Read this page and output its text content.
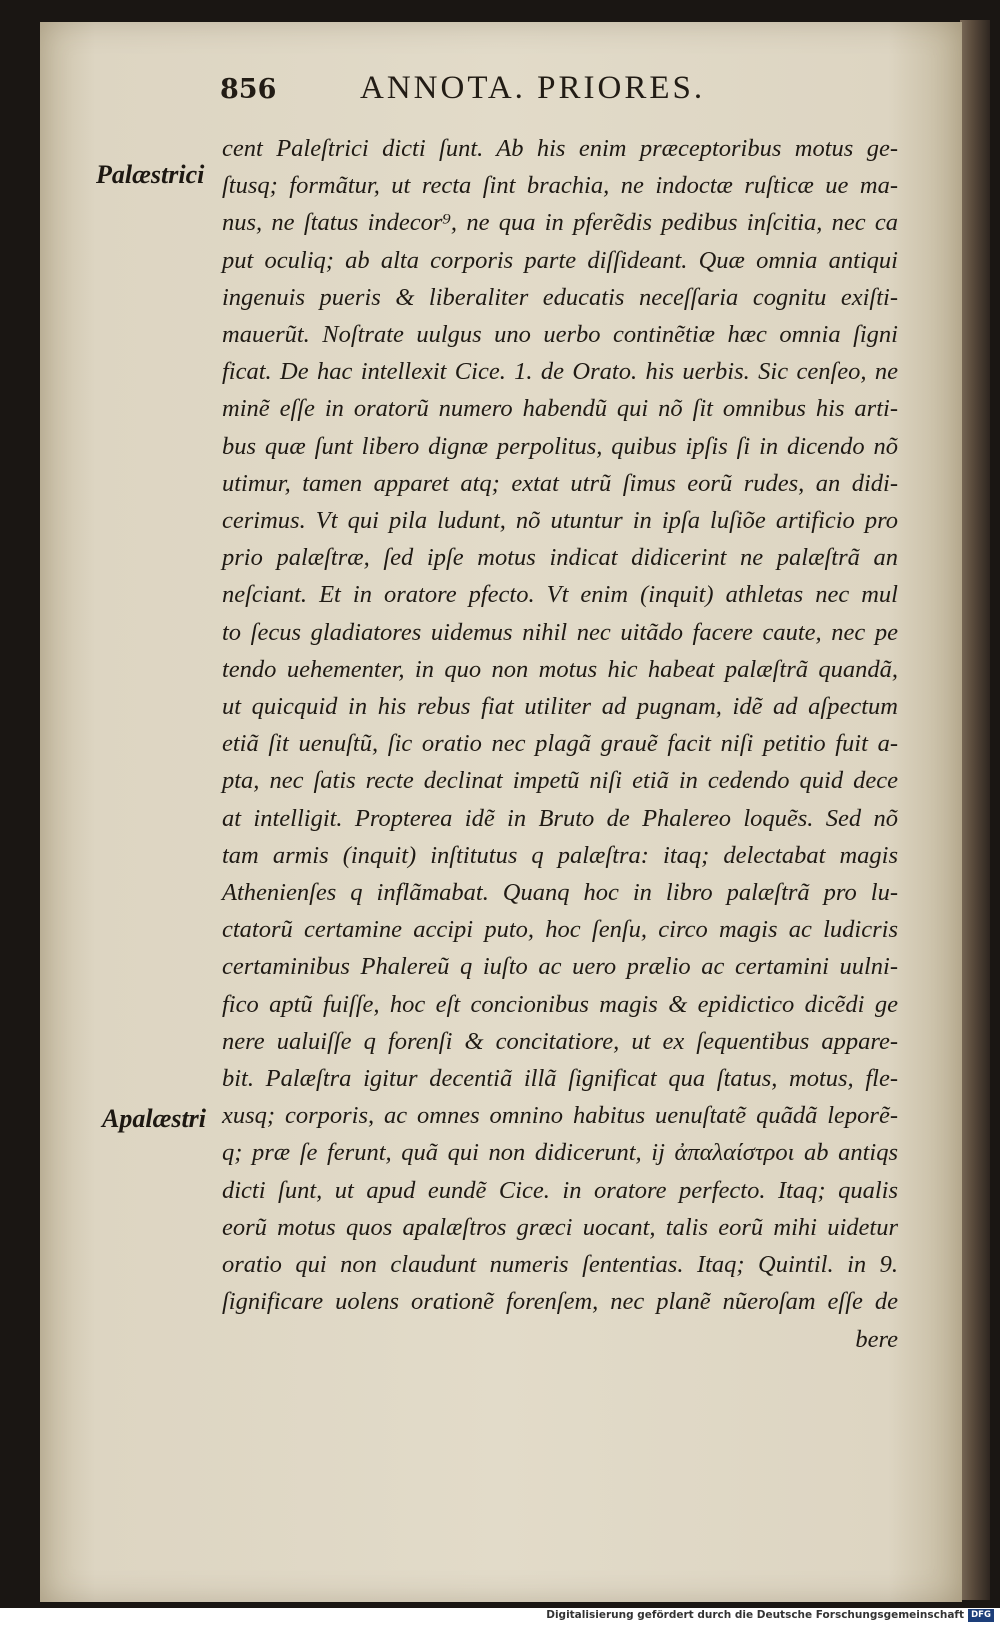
856	ANNOTA. PRIORES.
Palæstrici
Apalæstri
cent Paleſtrici dicti ſunt. Ab his enim præceptoribus motus ge-
ſtusq; formãtur, ut recta ſint brachia, ne indoctæ ruſticæ ue ma-
nus, ne ſtatus indecor⁹, ne qua in pferẽdis pedibus inſcitia, nec ca
put oculiq; ab alta corporis parte diſſideant. Quæ omnia antiqui
ingenuis pueris & liberaliter educatis neceſſaria cognitu exiſti-
mauerũt. Noſtrate uulgus uno uerbo continẽtiæ hæc omnia ſigni
ficat. De hac intellexit Cice. 1. de Orato. his uerbis. Sic cenſeo, ne
minẽ eſſe in oratorũ numero habendũ qui nõ ſit omnibus his arti-
bus quæ ſunt libero dignæ perpolitus, quibus ipſis ſi in dicendo nõ
utimur, tamen apparet atq; extat utrũ ſimus eorũ rudes, an didi-
cerimus. Vt qui pila ludunt, nõ utuntur in ipſa luſiõe artificio pro
prio palæſtræ, ſed ipſe motus indicat didicerint ne palæſtrã an
neſciant. Et in oratore pfecto. Vt enim (inquit) athletas nec mul
to ſecus gladiatores uidemus nihil nec uitãdo facere caute, nec pe
tendo uehementer, in quo non motus hic habeat palæſtrã quandã,
ut quicquid in his rebus fiat utiliter ad pugnam, idẽ ad aſpectum
etiã ſit uenuſtũ, ſic oratio nec plagã grauẽ facit niſi petitio fuit a-
pta, nec ſatis recte declinat impetũ niſi etiã in cedendo quid dece
at intelligit. Propterea idẽ in Bruto de Phalereo loquẽs. Sed nõ
tam armis (inquit) inſtitutus q palæſtra: itaq; delectabat magis
Athenienſes q inflãmabat. Quanq hoc in libro palæſtrã pro lu-
ctatorũ certamine accipi puto, hoc ſenſu, circo magis ac ludicris
certaminibus Phalereũ q iuſto ac uero prælio ac certamini uulni-
fico aptũ fuiſſe, hoc eſt concionibus magis & epidictico dicẽdi ge
nere ualuiſſe q forenſi & concitatiore, ut ex ſequentibus appare-
bit. Palæſtra igitur decentiã illã ſignificat qua ſtatus, motus, fle-
xusq; corporis, ac omnes omnino habitus uenuſtatẽ quãdã leporẽ-
q; præ ſe ferunt, quã qui non didicerunt, ij ἀπαλαίστροι ab antiqs
dicti ſunt, ut apud eundẽ Cice. in oratore perfecto. Itaq; qualis
eorũ motus quos apalæſtros græci uocant, talis eorũ mihi uidetur
oratio qui non claudunt numeris ſententias. Itaq; Quintil. in 9.
ſignificare uolens orationẽ forenſem, nec planẽ nũeroſam eſſe de
bere
Digitalisierung gefördert durch die Deutsche Forschungsgemeinschaft DFG
